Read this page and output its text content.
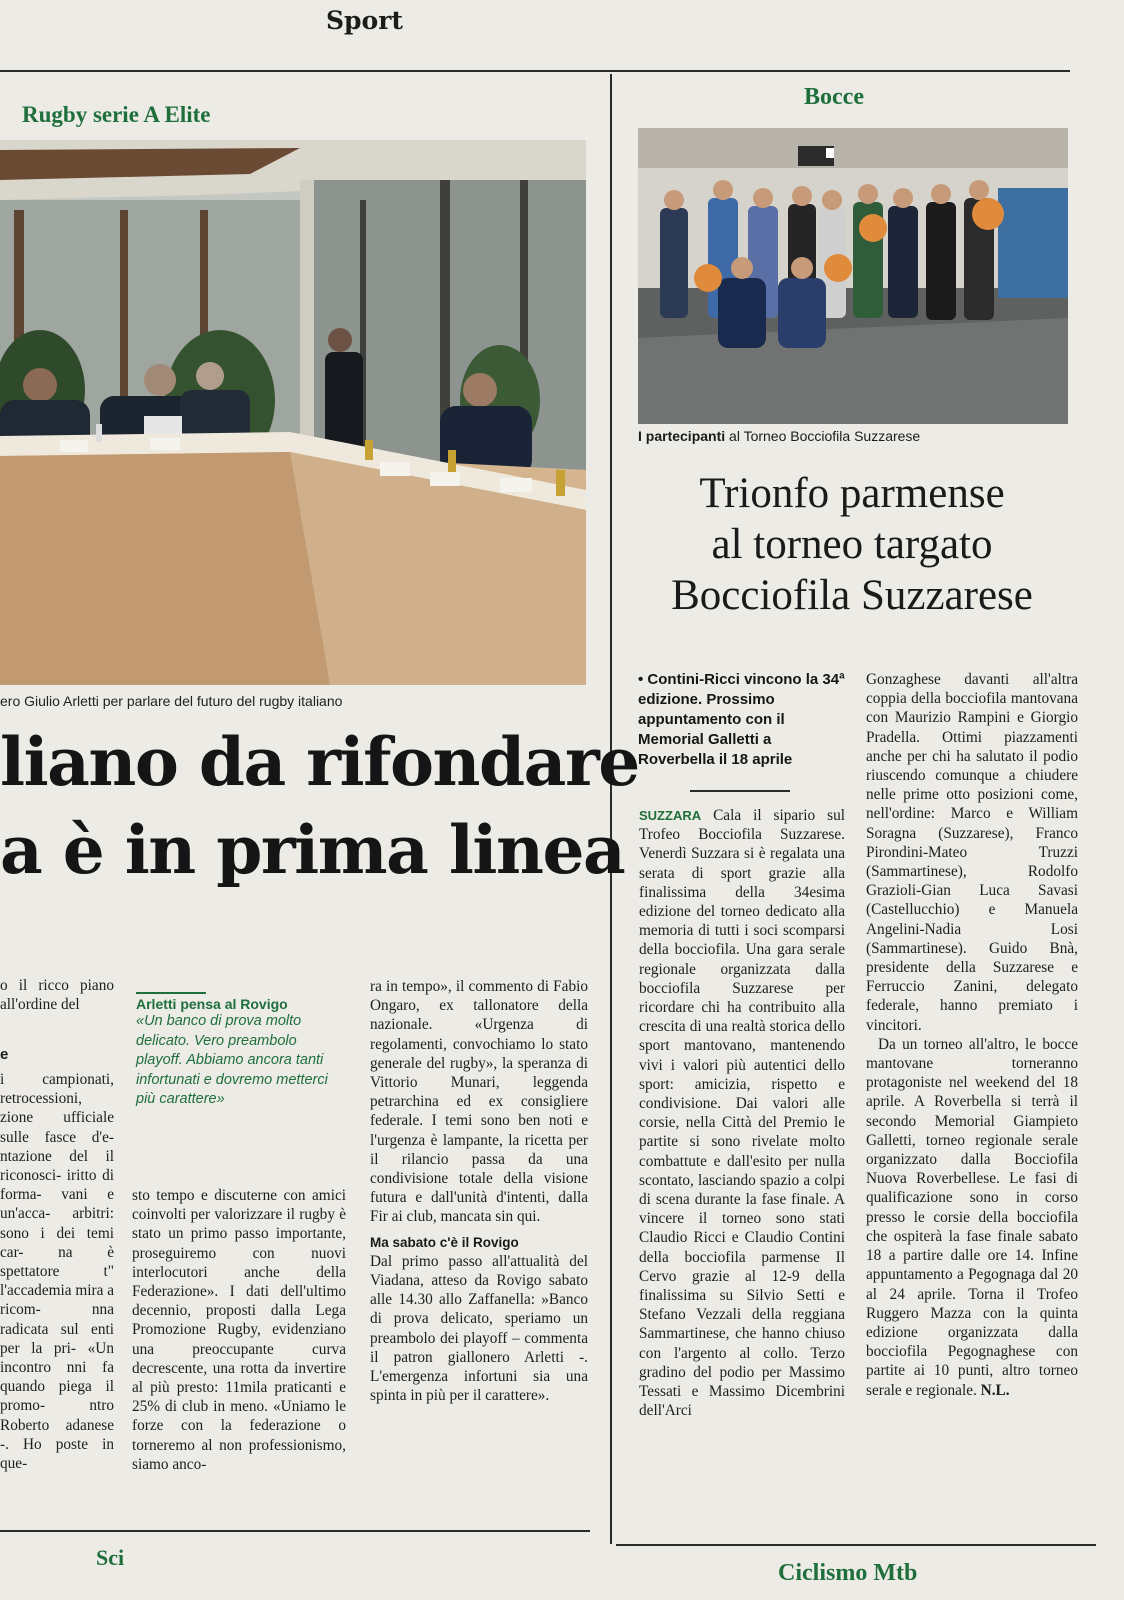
Sport
Rugby serie A Elite
ero Giulio Arletti per parlare del futuro del rugby italiano
liano da rifondare
a è in prima linea

o il ricco piano all'ordine del

e

i campionati, retrocessioni, zione ufficiale sulle fasce d'e- ntazione del il riconosci- iritto di forma- vani e un'acca- arbitri: sono i dei temi car- na è spettatore t" l'accademia mira a ricom- nna radicata sul enti per la pri- «Un incontro nni fa quando piega il promo- ntro Roberto adanese -. Ho poste in que-

Arletti pensa al Rovigo
«Un banco di prova molto delicato. Vero preambolo playoff. Abbiamo ancora tanti infortunati e dovremo metterci più carattere»

sto tempo e discuterne con amici coinvolti per valorizzare il rugby è stato un primo passo importante, proseguiremo con nuovi interlocutori anche della Federazione». I dati dell'ultimo decennio, proposti dalla Lega Promozione Rugby, evidenziano una preoccupante curva decrescente, una rotta da invertire al più presto: 11mila praticanti e 25% di club in meno. «Uniamo le forze con la federazione o torneremo al non professionismo, siamo anco-

ra in tempo», il commento di Fabio Ongaro, ex tallonatore della nazionale. «Urgenza di regolamenti, convochiamo lo stato generale del rugby», la speranza di Vittorio Munari, leggenda petrarchina ed ex consigliere federale. I temi sono ben noti e l'urgenza è lampante, la ricetta per il rilancio passa da una condivisione totale della visione futura e dall'unità d'intenti, dalla Fir ai club, mancata sin qui.

Ma sabato c'è il Rovigo

Dal primo passo all'attualità del Viadana, atteso da Rovigo sabato alle 14.30 allo Zaffanella: »Banco di prova delicato, speriamo un preambolo dei playoff – commenta il patron giallonero Arletti -. L'emergenza infortuni sia una spinta in più per il carattere».

Bocce
I partecipanti al Torneo Bocciofila Suzzarese
Trionfo parmense
al torneo targato
Bocciofila Suzzarese
• Contini-Ricci vincono la 34ª edizione. Prossimo appuntamento con il Memorial Galletti a Roverbella il 18 aprile

SUZZARA Cala il sipario sul Trofeo Bocciofila Suzzarese. Venerdì Suzzara si è regalata una serata di sport grazie alla finalissima della 34esima edizione del torneo dedicato alla memoria di tutti i soci scomparsi della bocciofila. Una gara serale regionale organizzata dalla bocciofila Suzzarese per ricordare chi ha contribuito alla crescita di una realtà storica dello sport mantovano, mantenendo vivi i valori più autentici dello sport: amicizia, rispetto e condivisione. Dai valori alle corsie, nella Città del Premio le partite si sono rivelate molto combattute e dall'esito per nulla scontato, lasciando spazio a colpi di scena durante la fase finale. A vincere il torneo sono stati Claudio Ricci e Claudio Contini della bocciofila parmense Il Cervo grazie al 12-9 della finalissima su Silvio Setti e Stefano Vezzali della reggiana Sammartinese, che hanno chiuso con l'argento al collo. Terzo gradino del podio per Massimo Tessati e Massimo Dicembrini dell'Arci

Gonzaghese davanti all'altra coppia della bocciofila mantovana con Maurizio Rampini e Giorgio Pradella. Ottimi piazzamenti anche per chi ha salutato il podio riuscendo comunque a chiudere nelle prime otto posizioni come, nell'ordine: Marco e William Soragna (Suzzarese), Franco Pirondini-Mateo Truzzi (Sammartinese), Rodolfo Grazioli-Gian Luca Savasi (Castellucchio) e Manuela Angelini-Nadia Losi (Sammartinese). Guido Bnà, presidente della Suzzarese e Ferruccio Zanini, delegato federale, hanno premiato i vincitori.

Da un torneo all'altro, le bocce mantovane torneranno protagoniste nel weekend del 18 aprile. A Roverbella si terrà il secondo Memorial Giampieto Galletti, torneo regionale serale organizzato dalla Bocciofila Nuova Roverbellese. Le fasi di qualificazione sono in corso presso le corsie della bocciofila che ospiterà la fase finale sabato 18 a partire dalle ore 14. Infine appuntamento a Pegognaga dal 20 al 24 aprile. Torna il Trofeo Ruggero Mazza con la quinta edizione organizzata dalla bocciofila Pegognaghese con partite ai 10 punti, altro torneo serale e regionale. N.L.

Sci
Ciclismo Mtb
